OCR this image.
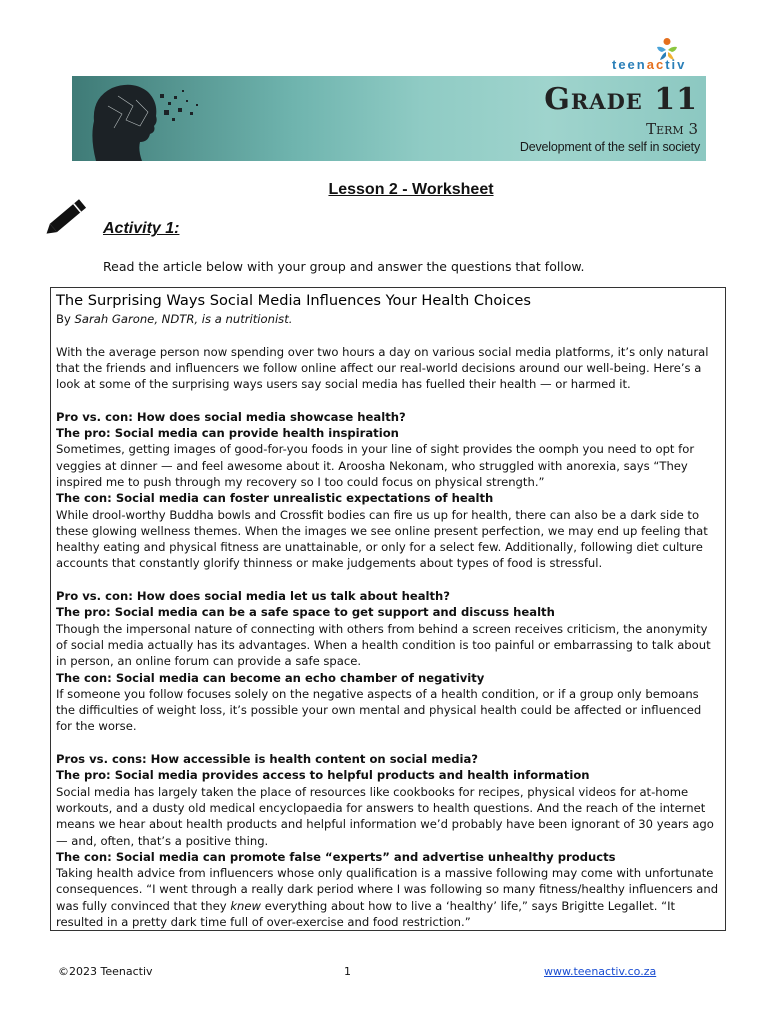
teenactiv
Grade 11
Term 3
Development of the self in society
Lesson 2 - Worksheet
Activity 1:
Read the article below with your group and answer the questions that follow.
The Surprising Ways Social Media Influences Your Health Choices

By Sarah Garone, NDTR, is a nutritionist.

With the average person now spending over two hours a day on various social media platforms, it’s only natural that the friends and influencers we follow online affect our real-world decisions around our well-being. Here’s a look at some of the surprising ways users say social media has fuelled their health — or harmed it.

Pro vs. con: How does social media showcase health?

The pro: Social media can provide health inspiration

Sometimes, getting images of good-for-you foods in your line of sight provides the oomph you need to opt for veggies at dinner — and feel awesome about it. Aroosha Nekonam, who struggled with anorexia, says “They inspired me to push through my recovery so I too could focus on physical strength.”

The con: Social media can foster unrealistic expectations of health

While drool-worthy Buddha bowls and Crossfit bodies can fire us up for health, there can also be a dark side to these glowing wellness themes. When the images we see online present perfection, we may end up feeling that healthy eating and physical fitness are unattainable, or only for a select few. Additionally, following diet culture accounts that constantly glorify thinness or make judgements about types of food is stressful.

Pro vs. con: How does social media let us talk about health?

The pro: Social media can be a safe space to get support and discuss health

Though the impersonal nature of connecting with others from behind a screen receives criticism, the anonymity of social media actually has its advantages. When a health condition is too painful or embarrassing to talk about in person, an online forum can provide a safe space.

The con: Social media can become an echo chamber of negativity

If someone you follow focuses solely on the negative aspects of a health condition, or if a group only bemoans the difficulties of weight loss, it’s possible your own mental and physical health could be affected or influenced for the worse.

Pros vs. cons: How accessible is health content on social media?

The pro: Social media provides access to helpful products and health information

Social media has largely taken the place of resources like cookbooks for recipes, physical videos for at-home workouts, and a dusty old medical encyclopaedia for answers to health questions. And the reach of the internet means we hear about health products and helpful information we’d probably have been ignorant of 30 years ago — and, often, that’s a positive thing.

The con: Social media can promote false “experts” and advertise unhealthy products

Taking health advice from influencers whose only qualification is a massive following may come with unfortunate consequences. “I went through a really dark period where I was following so many fitness/healthy influencers and was fully convinced that they knew everything about how to live a ‘healthy’ life,” says Brigitte Legallet. “It resulted in a pretty dark time full of over-exercise and food restriction.”

©2023 Teenactiv	1	www.teenactiv.co.za
